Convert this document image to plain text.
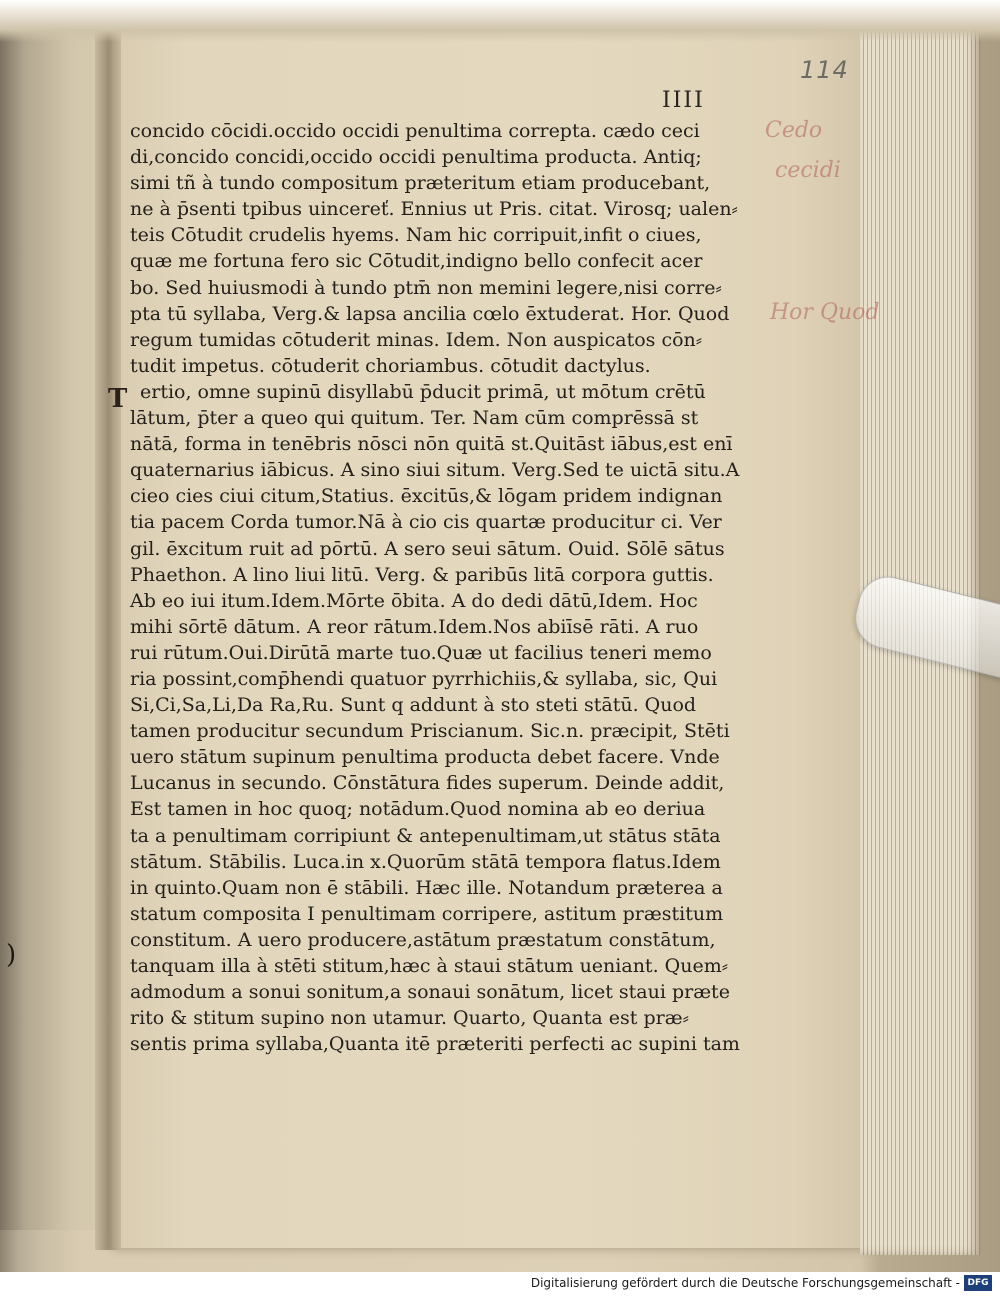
114
IIII
T
concido cōcidi.occido occidi penultima correpta. cædo ceci
di,concido concidi,occido occidi penultima producta. Antiq;
simi tñ à tundo compositum præteritum etiam producebant,
ne à p̄senti tpibus uincereť. Ennius ut Pris. citat. Virosq; ualen⸗
teis Cōtudit crudelis hyems. Nam hic corripuit,infit o ciues,
quæ me fortuna fero sic Cōtudit,indigno bello confecit acer
bo. Sed huiusmodi à tundo ptm̄ non memini legere,nisi corre⸗
pta tū syllaba, Verg.& lapsa ancilia cœlo ēxtuderat. Hor. Quod
regum tumidas cōtuderit minas. Idem. Non auspicatos cōn⸗
tudit impetus. cōtuderit choriambus. cōtudit dactylus.
ertio, omne supinū disyllabū p̄ducit primā, ut mōtum crētū
lātum, p̄ter a queo qui quitum. Ter. Nam cūm comprēssā st
nātā, forma in tenēbris nōsci nōn quitā st.Quitāst iābus,est enī
quaternarius iābicus. A sino siui situm. Verg.Sed te uictā situ.A
cieo cies ciui citum,Statius. ēxcitūs,& lōgam pridem indignan
tia pacem Corda tumor.Nā à cio cis quartæ producitur ci. Ver
gil. ēxcitum ruit ad pōrtū. A sero seui sātum. Ouid. Sōlē sātus
Phaethon. A lino liui litū. Verg. & paribūs litā corpora guttis.
Ab eo iui itum.Idem.Mōrte ōbita. A do dedi dātū,Idem. Hoc
mihi sōrtē dātum. A reor rātum.Idem.Nos abiīsē rāti. A ruo
rui rūtum.Oui.Dirūtā marte tuo.Quæ ut facilius teneri memo
ria possint,comp̄hendi quatuor pyrrhichiis,& syllaba, sic, Qui
Si,Ci,Sa,Li,Da Ra,Ru. Sunt q addunt à sto steti stātū. Quod
tamen producitur secundum Priscianum. Sic.n. præcipit, Stēti
uero stātum supinum penultima producta debet facere. Vnde
Lucanus in secundo. Cōnstātura fides superum. Deinde addit,
Est tamen in hoc quoq; notādum.Quod nomina ab eo deriua
ta a penultimam corripiunt & antepenultimam,ut stātus stāta
stātum. Stābilis. Luca.in x.Quorūm stātā tempora flatus.Idem
in quinto.Quam non ē stābili. Hæc ille. Notandum præterea a
statum composita I penultimam corripere, astitum præstitum
constitum. A uero producere,astātum præstatum constātum,
tanquam illa à stēti stitum,hæc à staui stātum ueniant. Quem⸗
admodum a sonui sonitum,a sonaui sonātum, licet staui præte
rito & stitum supino non utamur. Quarto, Quanta est præ⸗
sentis prima syllaba,Quanta itē præteriti perfecti ac supini tam
Cedo
cecidi
Hor Quod
)
Digitalisierung gefördert durch die Deutsche Forschungsgemeinschaft - DFG
